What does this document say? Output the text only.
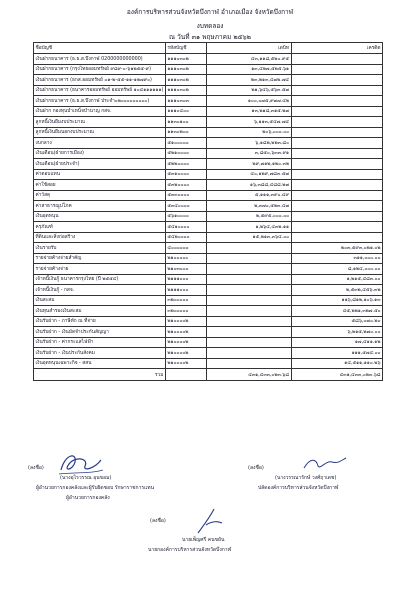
องค์การบริหารส่วนจังหวัดบึงกาฬ อำเภอเมือง จังหวัดบึงกาฬ
งบทดลอง
ณ วันที่ ๓๑ พฤษภาคม ๒๕๖๒
ชื่อบัญชี	รหัสบัญชี	เดบิท	เครดิต
เงินฝากธนาคาร (ธ.ธ.ส.บึงกาฬ 0200000000000)	๑๑๑๐๓๐๒	๔๓,๑๑๘,๕๒๐.๙๕	
เงินฝากธนาคาร (กรุงไทยออมทรัพย์ ๙๘๙-๐-๖๑๒๕๕-๙)	๑๑๑๐๓๐๒	๑๓,๔๒๗,๕๒๕.๖๑	
เงินฝากธนาคาร (ธกส.ออมทรัพย์ ๐๑-๒-๕๕-๑๑-๑๒๗๙๐)	๑๑๑๐๓๐๒	๒๓,๒๑๓,๔๗๒.๗๔	
เงินฝากธนาคาร (ธนาคารออมทรัพย์ ออมทรัพย์ ๑๐๔๑๑๑๑๑๑)	๑๑๑๐๓๐๒	๒๑,๖๔๖,๕๖๓.๕๗	
เงินฝากธนาคาร (ธ.ธ.ส.บึงกาฬ ประจำ๐๒๐๐๐๐๐๐๐๐๐)	๑๑๑๐๓๐๓	๑๐๐,๐๗๕,๙๗๗.๔๒	
เงินฝาก กองทุนบำเหน็จบำนาญ กสจ.	๑๑๑๐๔๐๐	๑๓,๒๑๘,๓๑๕.๒๗	
ลูกหนี้เงินยืมงบประมาณ	๑๑๓๐๑๐๐	๖,๑๑๓,๕๔๗.๗๔	
ลูกหนี้เงินยืมนอกงบประมาณ	๑๑๓๐๒๐๐	๒๐๖,๐๐๐.๐๐	
งบกลาง	๕๑๐๐๐๐๐	๖,๑๘๒,๒๒๓.๘๐	
เงินเดือน(ฝ่ายการเมือง)	๕๒๑๐๐๐๐	๓,๘๕๐,๖๓๓.๙๑	
เงินเดือน(ฝ่ายประจำ)	๕๒๒๐๐๐๐	๒๙,๗๑๒,๑๒๐.๓๒	
ค่าตอบแทน	๕๓๑๐๐๐๐	๔๐,๑๒๙,๗๘๓.๕๗	
ค่าใช้สอย	๕๓๒๐๐๐๐	๑๖,๓๘๘,๔๘๘.๒๗	
ค่าวัสดุ	๕๓๓๐๐๐๐	๕,๑๑๑,๓๙๐.๔๙	
ค่าสาธารณูปโภค	๕๓๔๐๐๐๐	๒,๓๗๐,๕๒๓.๔๗	
เงินอุดหนุน	๕๖๑๐๐๐๐	๒,๕๙๕,๐๐๐.๐๐	
ครุภัณฑ์	๕๔๑๐๐๐๐	๑,๒๖๔,๔๓๒.๑๑	
ที่ดินและสิ่งก่อสร้าง	๕๔๒๐๐๐๐	๑๕,๒๑๓,๓๖๔.๐๐	
เงินรายรับ	๔๐๐๐๐๐๐		๒๐๓,๕๙๓,๐๒๑.๐๒
รายจ่ายค้างจ่ายสำคัญ	๒๑๐๐๐๐๐		๓๑๑,๐๐๐.๐๐
รายจ่ายค้างจ่าย	๒๑๐๓๐๐๐		๘,๑๒๔,๐๐๐.๐๐
เจ้าหนี้เงินกู้ ธนาคารกรุงไทย (ปี ๒๕๕๔)	๒๑๑๑๐๐๐		๑,๒๑๕,๔๘๓.๐๐
เจ้าหนี้เงินกู้ - กสจ.	๒๑๑๑๐๐๐		๒,๕๓๒,๔๕๖.๓๒
เงินสะสม	๓๒๐๐๐๐๐		๑๑๖,๘๑๒,๑๐๖.๑๓
เงินทุนสำรองเงินสะสม	๓๒๐๐๐๐๐		๔๕,๒๒๑,๓๒๗.๕๐
เงินรับฝาก - ภาษีหัก ณ ที่จ่าย	๒๑๐๐๐๐๒		๕๘๖,๐๗๐.๒๐
เงินรับฝาก - เงินมัดจำประกันสัญญา	๒๑๐๐๐๐๒		๖,๒๑๕,๒๗๐.๐๐
เงินรับฝาก - ค่ากระแสไฟฟ้า	๒๑๐๐๐๐๒		๑๗,๔๑๑.๑๒
เงินรับฝาก - เงินประกันสังคม	๒๑๐๐๐๐๒		๑๑๑,๕๗๔.๐๐
เงินอุดหนุนเฉพาะกิจ - สสน	๒๑๐๐๐๐๒		๑๔,๕๑๑,๑๑๐.๒๖
รวม		๔๓๑,๔๓๓,๐๒๓.๖๘	๔๓๑,๔๓๓,๐๒๓.๖๘
(ลงชื่อ)
(นางอุไรวรรณ อุนขอม)
ผู้อำนวยการกองคลังและผู้รับผิดชอบ รักษาราชการแทน
ผู้อำนวยการกองคลัง
(ลงชื่อ)
(นางวรรณารักษ์ วงศ์ฤาเดช)
ปลัดองค์การบริหารส่วนจังหวัดบึงกาฬ
(ลงชื่อ)
นายเพ็ญศรี คนขยัน
นายกองค์การบริหารส่วนจังหวัดบึงกาฬ
